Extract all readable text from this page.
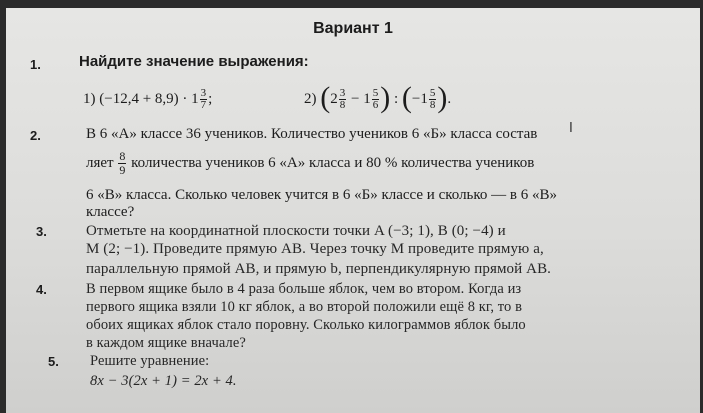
Вариант 1
1.	Найдите значение выражения:
1) $(-12,4 + 8,9) \cdot 1 \frac{3}{7}$ ;	2) ($2 \frac{3}{8} - 1 \frac{5}{6}$ ) : ($-1 \frac{5}{8}$ ).
2.	В 6 «А» классе 36 учеников. Количество учеников 6 «Б» класса состав
ляет $\frac{8}{9}$ количества учеников 6 «А» класса и 80 % количества учеников
6 «В» класса. Сколько человек учится в 6 «Б» классе и сколько — в 6 «В»
классе?
3.	Отметьте на координатной плоскости точки A (−3; 1), B (0; −4) и
M (2; −1). Проведите прямую AB. Через точку M проведите прямую a,
параллельную прямой AB, и прямую b, перпендикулярную прямой AB.
4.	В первом ящике было в 4 раза больше яблок, чем во втором. Когда из
первого ящика взяли 10 кг яблок, а во второй положили ещё 8 кг, то в
обоих ящиках яблок стало поровну. Сколько килограммов яблок было
в каждом ящике вначале?
5. Решите уравнение:
8x − 3(2x + 1) = 2x + 4.
I
